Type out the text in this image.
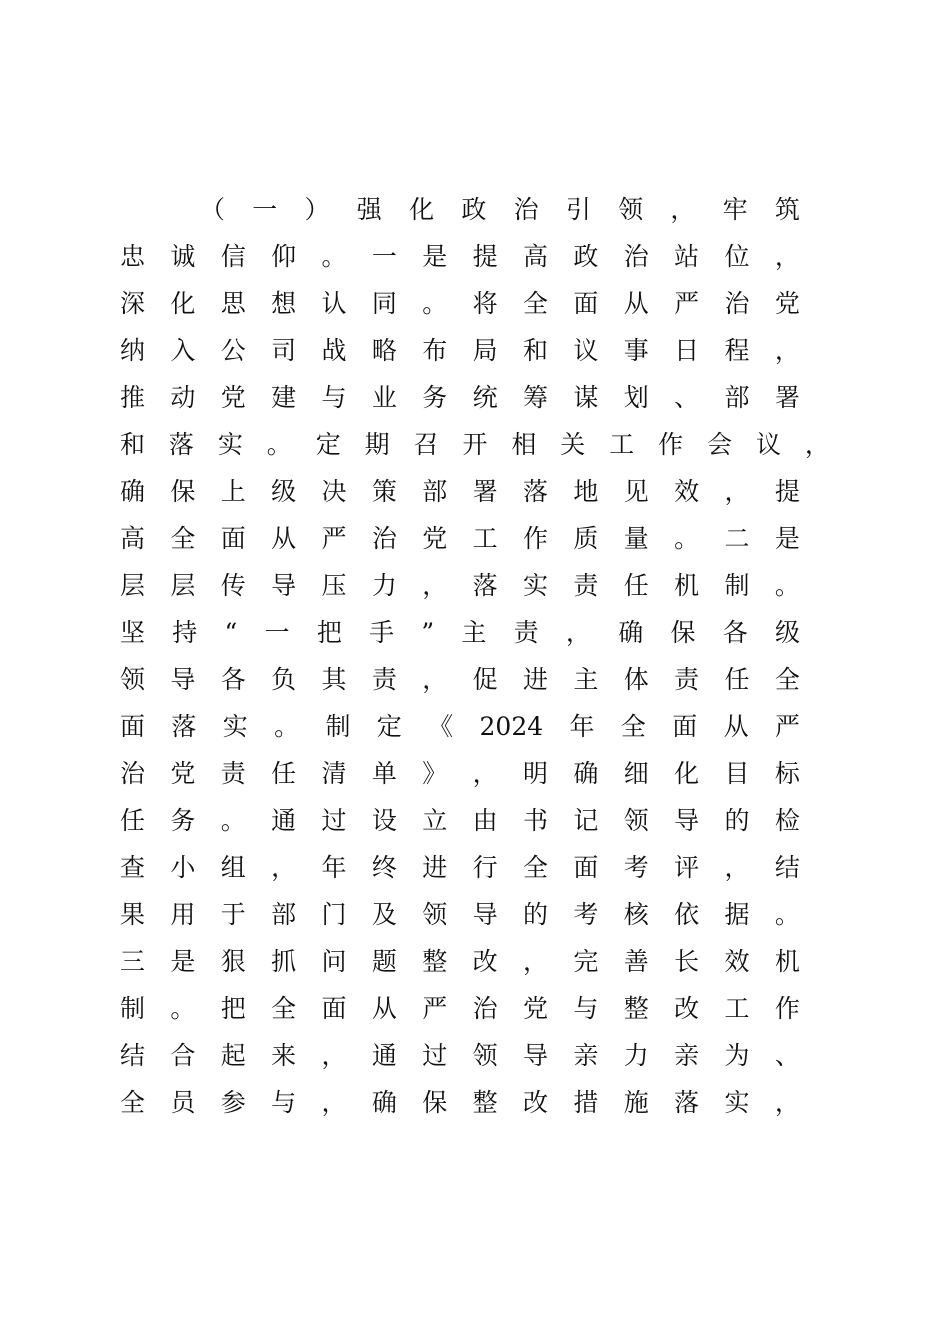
（ 一 ） 强 化 政 治 引 领 ， 牢 筑
忠 诚 信 仰 。 一 是 提 高 政 治 站 位 ，
深 化 思 想 认 同 。 将 全 面 从 严 治 党
纳 入 公 司 战 略 布 局 和 议 事 日 程 ，
推 动 党 建 与 业 务 统 筹 谋 划 、 部 署
和 落 实 。 定 期 召 开 相 关 工 作 会 议 ，
确 保 上 级 决 策 部 署 落 地 见 效 ， 提
高 全 面 从 严 治 党 工 作 质 量 。 二 是
层 层 传 导 压 力 ， 落 实 责 任 机 制 。
坚 持 “ 一 把 手 ” 主 责 ， 确 保 各 级
领 导 各 负 其 责 ， 促 进 主 体 责 任 全
面 落 实 。 制 定 《 2024 年 全 面 从 严
治 党 责 任 清 单 》 ， 明 确 细 化 目 标
任 务 。 通 过 设 立 由 书 记 领 导 的 检
查 小 组 ， 年 终 进 行 全 面 考 评 ， 结
果 用 于 部 门 及 领 导 的 考 核 依 据 。
三 是 狠 抓 问 题 整 改 ， 完 善 长 效 机
制 。 把 全 面 从 严 治 党 与 整 改 工 作
结 合 起 来 ， 通 过 领 导 亲 力 亲 为 、
全 员 参 与 ， 确 保 整 改 措 施 落 实 ，
